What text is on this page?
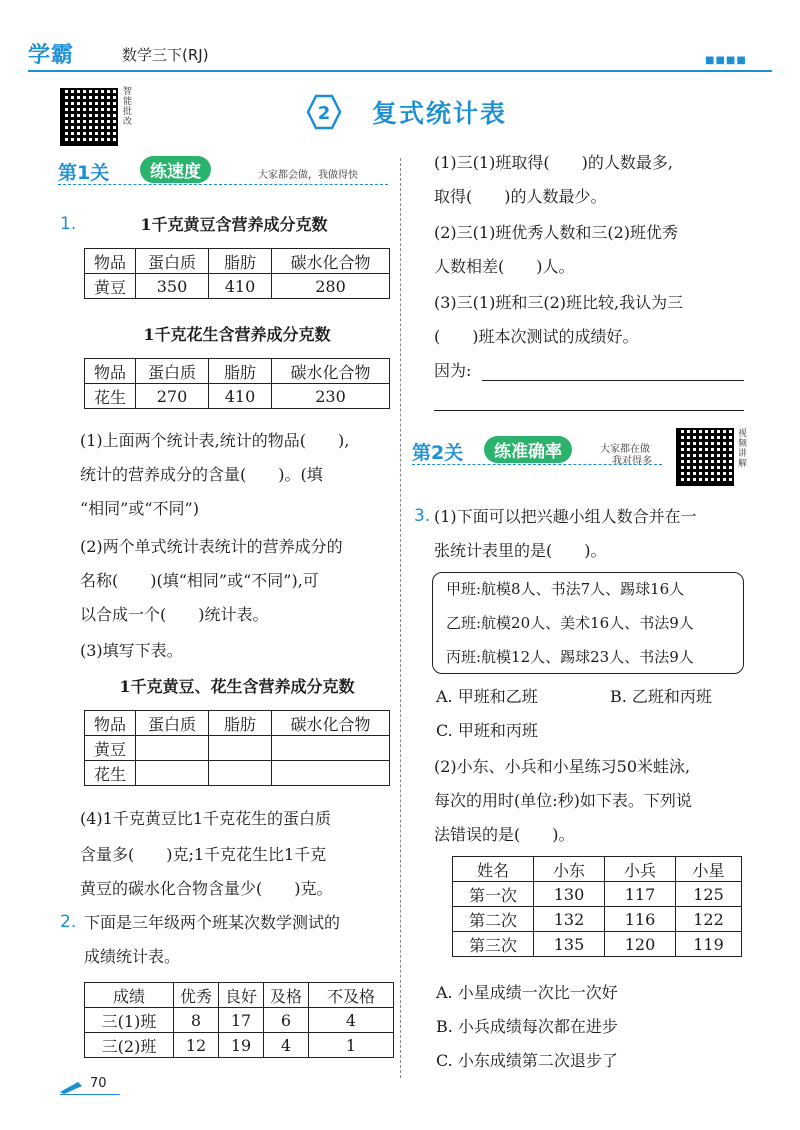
学霸	数学三下(RJ)	■■■■
智能批改	2 复式统计表
第1关	练速度	大家都会做，我做得快
1.	1千克黄豆含营养成分克数
物品	蛋白质	脂肪	碳水化合物
黄豆	350	410	280
1千克花生含营养成分克数
物品	蛋白质	脂肪	碳水化合物
花生	270	410	230
(1)上面两个统计表,统计的物品(　　),
统计的营养成分的含量(　　)。(填
“相同”或“不同”)
(2)两个单式统计表统计的营养成分的
名称(　　)(填“相同”或“不同”),可
以合成一个(　　)统计表。
(3)填写下表。
1千克黄豆、花生含营养成分克数
物品	蛋白质	脂肪	碳水化合物
黄豆			
花生			
(4)1千克黄豆比1千克花生的蛋白质
含量多(　　)克;1千克花生比1千克
黄豆的碳水化合物含量少(　　)克。
2. 下面是三年级两个班某次数学测试的
成绩统计表。
成绩	优秀	良好	及格	不及格
三(1)班	8	17	6	4
三(2)班	12	19	4	1
(1)三(1)班取得(　　)的人数最多,
取得(　　)的人数最少。
(2)三(1)班优秀人数和三(2)班优秀
人数相差(　　)人。
(3)三(1)班和三(2)班比较,我认为三
(　　)班本次测试的成绩好。
因为:
第2关	练准确率	大家都在做
我对得多	视频讲解
3. (1)下面可以把兴趣小组人数合并在一
张统计表里的是(　　)。
甲班:航模8人、书法7人、踢球16人
乙班:航模20人、美术16人、书法9人
丙班:航模12人、踢球23人、书法9人
A. 甲班和乙班	B. 乙班和丙班
C. 甲班和丙班
(2)小东、小兵和小星练习50米蛙泳,
每次的用时(单位:秒)如下表。下列说
法错误的是(　　)。
姓名	小东	小兵	小星
第一次	130	117	125
第二次	132	116	122
第三次	135	120	119
A. 小星成绩一次比一次好
B. 小兵成绩每次都在进步
C. 小东成绩第二次退步了
70
